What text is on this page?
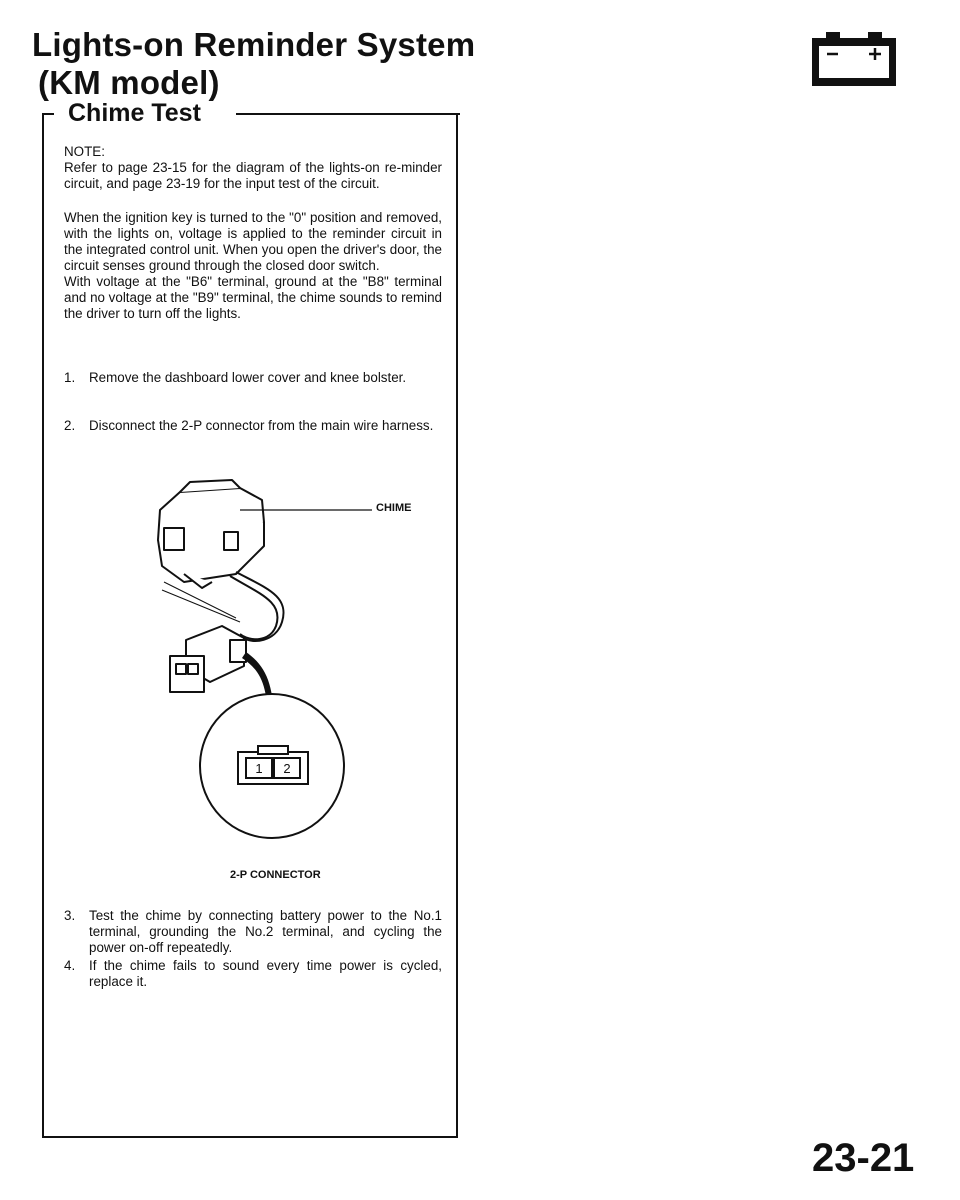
Lights-on Reminder System
(KM model)
Chime Test

NOTE:

Refer to page 23-15 for the diagram of the lights-on re-minder circuit, and page 23-19 for the input test of the circuit.

When the ignition key is turned to the "0" position and removed, with the lights on, voltage is applied to the reminder circuit in the integrated control unit. When you open the driver's door, the circuit senses ground through the closed door switch.

With voltage at the "B6" terminal, ground at the "B8" terminal and no voltage at the "B9" terminal, the chime sounds to remind the driver to turn off the lights.

1.	Remove the dashboard lower cover and knee bolster.
2.	Disconnect the 2-P connector from the main wire harness.
1 2
CHIME
2-P CONNECTOR
3.	Test the chime by connecting battery power to the No.1 terminal, grounding the No.2 terminal, and cycling the power on-off repeatedly.
4.	If the chime fails to sound every time power is cycled, replace it.
23-21
